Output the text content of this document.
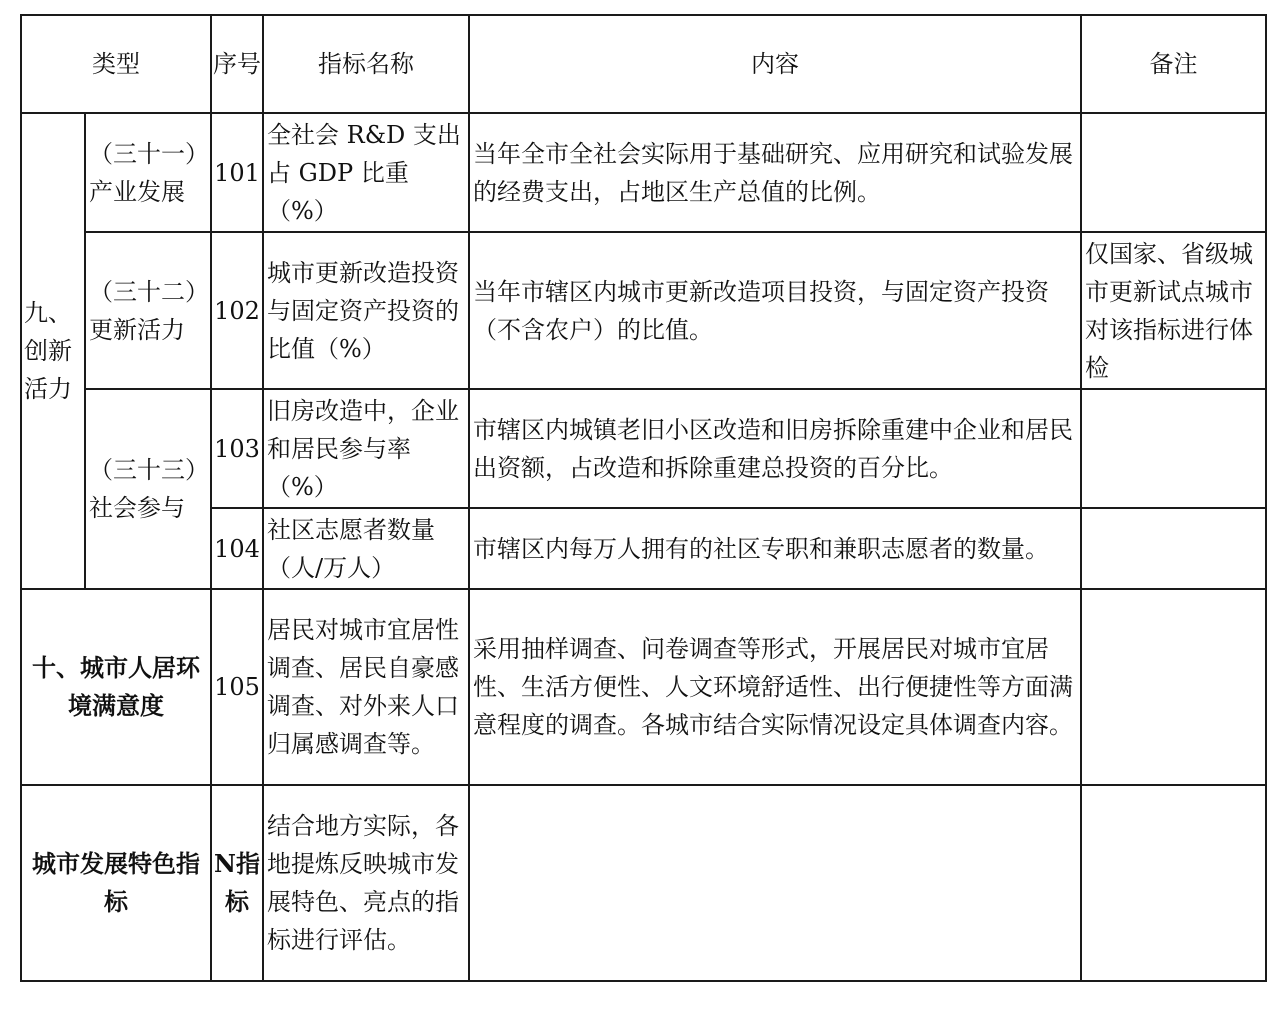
类型		序号	指标名称	内容	备注
九、创新活力	（三十一）产业发展	101	全社会 R&D 支出占 GDP 比重（%）	当年全市全社会实际用于基础研究、应用研究和试验发展的经费支出，占地区生产总值的比例。	
	（三十二）更新活力	102	城市更新改造投资与固定资产投资的比值（%）	当年市辖区内城市更新改造项目投资，与固定资产投资（不含农户）的比值。	仅国家、省级城市更新试点城市对该指标进行体检
	（三十三）社会参与	103	旧房改造中，企业和居民参与率（%）	市辖区内城镇老旧小区改造和旧房拆除重建中企业和居民出资额，占改造和拆除重建总投资的百分比。	
		104	社区志愿者数量（人/万人）	市辖区内每万人拥有的社区专职和兼职志愿者的数量。	
十、城市人居环境满意度		105	居民对城市宜居性调查、居民自豪感调查、对外来人口归属感调查等。	采用抽样调查、问卷调查等形式，开展居民对城市宜居性、生活方便性、人文环境舒适性、出行便捷性等方面满意程度的调查。各城市结合实际情况设定具体调查内容。	
城市发展特色指标		N指标	结合地方实际，各地提炼反映城市发展特色、亮点的指标进行评估。		
